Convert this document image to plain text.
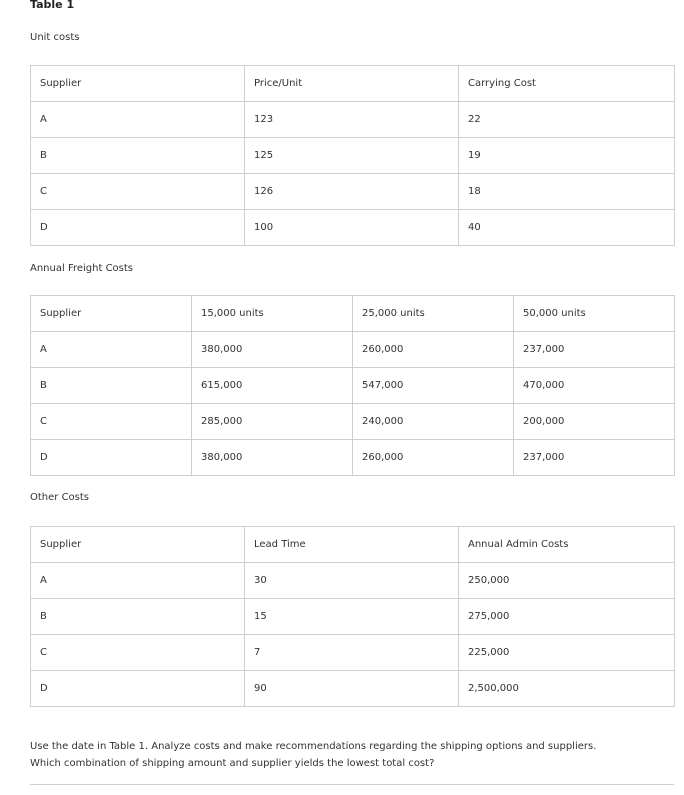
Table 1
Unit costs
Supplier	Price/Unit	Carrying Cost
A	123	22
B	125	19
C	126	18
D	100	40
Annual Freight Costs
Supplier	15,000 units	25,000 units	50,000 units
A	380,000	260,000	237,000
B	615,000	547,000	470,000
C	285,000	240,000	200,000
D	380,000	260,000	237,000
Other Costs
Supplier	Lead Time	Annual Admin Costs
A	30	250,000
B	15	275,000
C	7	225,000
D	90	2,500,000
Use the date in Table 1. Analyze costs and make recommendations regarding the shipping options and suppliers. Which combination of shipping amount and supplier yields the lowest total cost?
